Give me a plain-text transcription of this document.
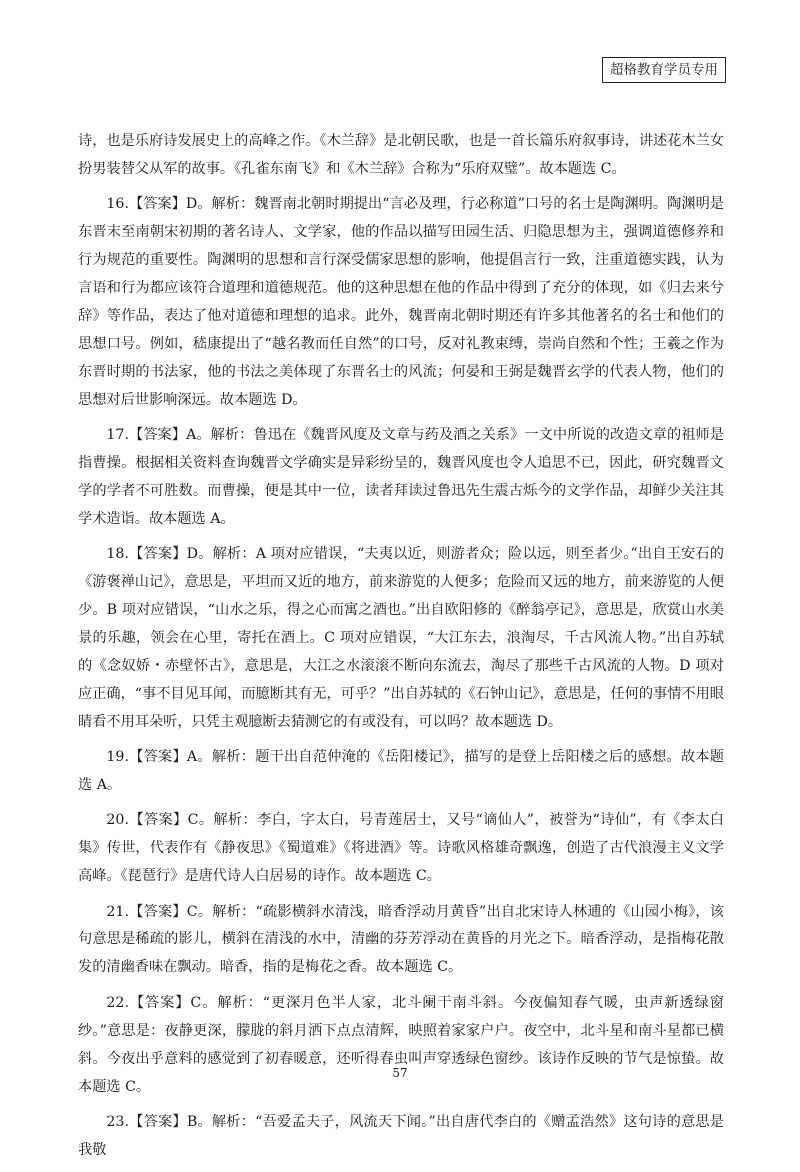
超格教育学员专用

诗，也是乐府诗发展史上的高峰之作。《木兰辞》是北朝民歌，也是一首长篇乐府叙事诗，讲述花木兰女扮男装替父从军的故事。《孔雀东南飞》和《木兰辞》合称为“乐府双璧”。故本题选 C。

16.【答案】D。解析：魏晋南北朝时期提出“言必及理，行必称道”口号的名士是陶渊明。陶渊明是东晋末至南朝宋初期的著名诗人、文学家，他的作品以描写田园生活、归隐思想为主，强调道德修养和行为规范的重要性。陶渊明的思想和言行深受儒家思想的影响，他提倡言行一致，注重道德实践，认为言语和行为都应该符合道理和道德规范。他的这种思想在他的作品中得到了充分的体现，如《归去来兮辞》等作品，表达了他对道德和理想的追求。此外，魏晋南北朝时期还有许多其他著名的名士和他们的思想口号。例如，嵇康提出了“越名教而任自然”的口号，反对礼教束缚，崇尚自然和个性；王羲之作为东晋时期的书法家，他的书法之美体现了东晋名士的风流；何晏和王弼是魏晋玄学的代表人物，他们的思想对后世影响深远。故本题选 D。

17.【答案】A。解析：鲁迅在《魏晋风度及文章与药及酒之关系》一文中所说的改造文章的祖师是指曹操。根据相关资料查询魏晋文学确实是异彩纷呈的，魏晋风度也令人追思不已，因此，研究魏晋文学的学者不可胜数。而曹操，便是其中一位，读者拜读过鲁迅先生震古烁今的文学作品，却鲜少关注其学术造诣。故本题选 A。

18.【答案】D。解析：A 项对应错误，“夫夷以近，则游者众；险以远，则至者少。”出自王安石的《游褒禅山记》，意思是，平坦而又近的地方，前来游览的人便多；危险而又远的地方，前来游览的人便少。B 项对应错误，“山水之乐，得之心而寓之酒也。”出自欧阳修的《醉翁亭记》，意思是，欣赏山水美景的乐趣，领会在心里，寄托在酒上。C 项对应错误，“大江东去，浪淘尽，千古风流人物。”出自苏轼的《念奴娇・赤壁怀古》，意思是，大江之水滚滚不断向东流去，淘尽了那些千古风流的人物。D 项对应正确，“事不目见耳闻，而臆断其有无，可乎？”出自苏轼的《石钟山记》，意思是，任何的事情不用眼睛看不用耳朵听，只凭主观臆断去猜测它的有或没有，可以吗？故本题选 D。

19.【答案】A。解析：题干出自范仲淹的《岳阳楼记》，描写的是登上岳阳楼之后的感想。故本题选 A。

20.【答案】C。解析：李白，字太白，号青莲居士，又号“谪仙人”，被誉为“诗仙”，有《李太白集》传世，代表作有《静夜思》《蜀道难》《将进酒》等。诗歌风格雄奇飘逸，创造了古代浪漫主义文学高峰。《琵琶行》是唐代诗人白居易的诗作。故本题选 C。

21.【答案】C。解析：“疏影横斜水清浅，暗香浮动月黄昏”出自北宋诗人林逋的《山园小梅》，该句意思是稀疏的影儿，横斜在清浅的水中，清幽的芬芳浮动在黄昏的月光之下。暗香浮动，是指梅花散发的清幽香味在飘动。暗香，指的是梅花之香。故本题选 C。

22.【答案】C。解析：“更深月色半人家，北斗阑干南斗斜。今夜偏知春气暖，虫声新透绿窗纱。”意思是：夜静更深，朦胧的斜月洒下点点清辉，映照着家家户户。夜空中，北斗星和南斗星都已横斜。今夜出乎意料的感觉到了初春暖意，还听得春虫叫声穿透绿色窗纱。该诗作反映的节气是惊蛰。故本题选 C。

23.【答案】B。解析：“吾爱孟夫子，风流天下闻。”出自唐代李白的《赠孟浩然》这句诗的意思是我敬

57
